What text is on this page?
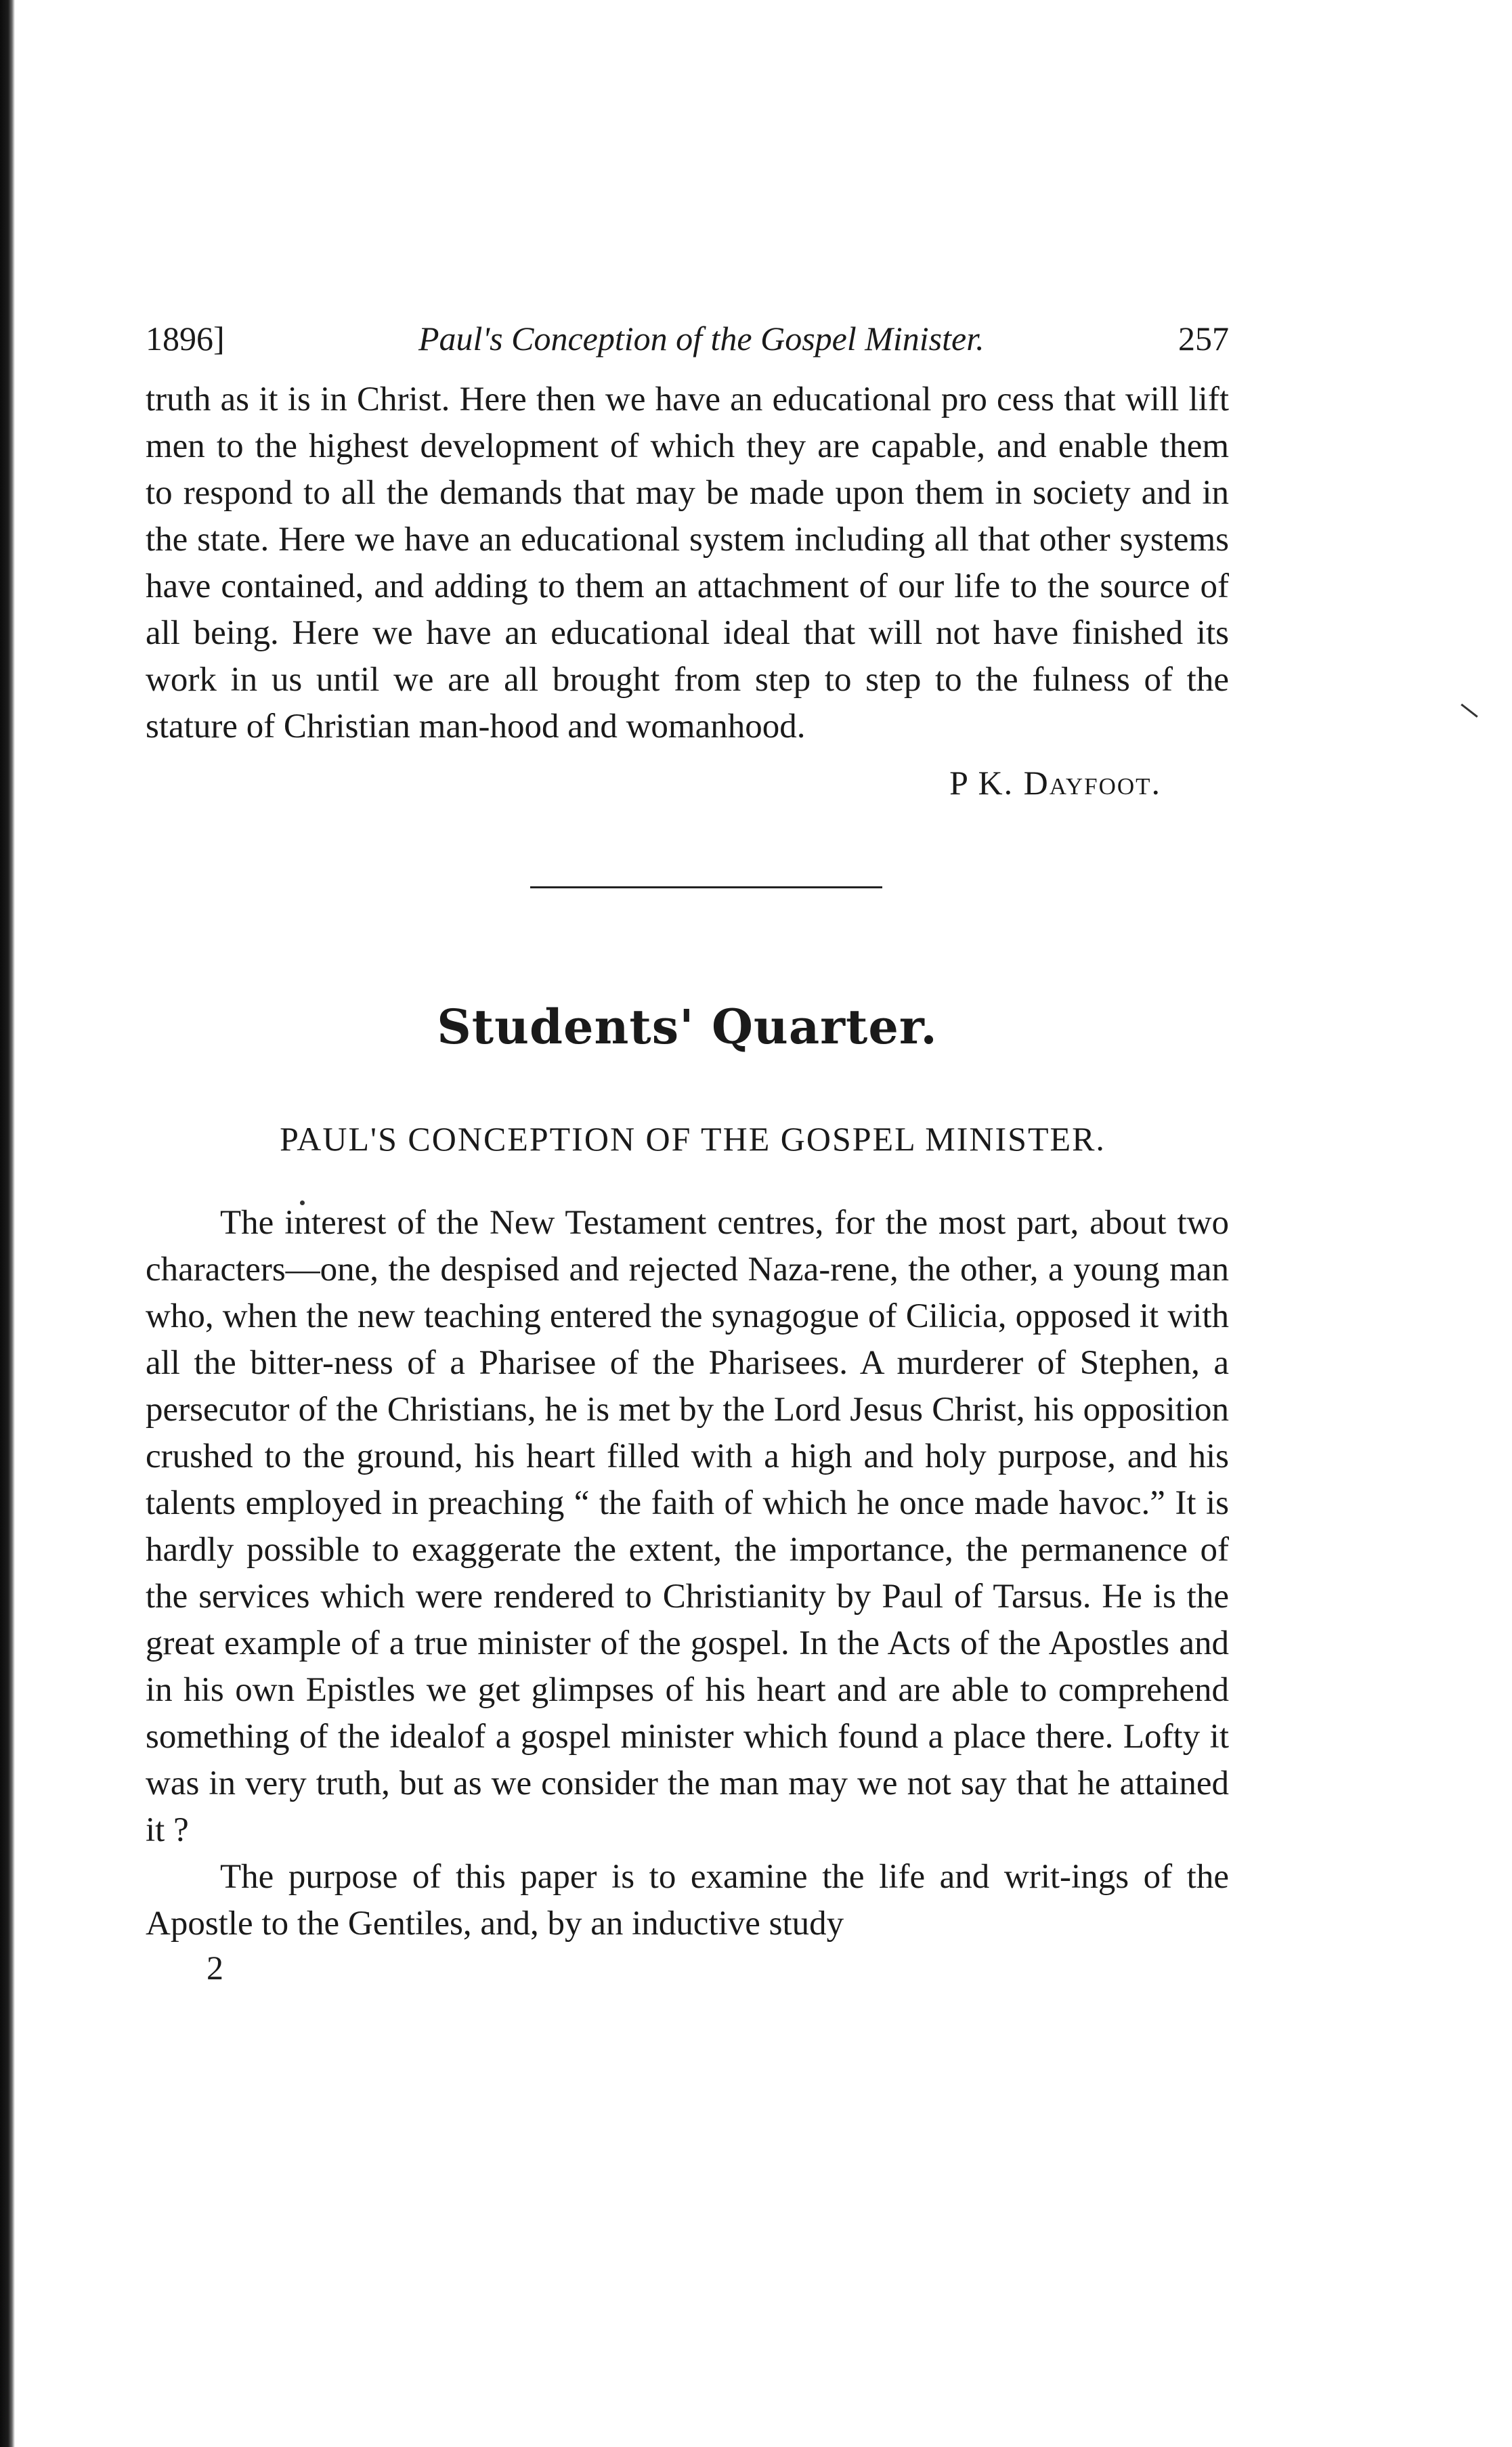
1896]	Paul's Conception of the Gospel Minister.	257

truth as it is in Christ. Here then we have an educational pro cess that will lift men to the highest development of which they are capable, and enable them to respond to all the demands that may be made upon them in society and in the state. Here we have an educational system including all that other systems have contained, and adding to them an attachment of our life to the source of all being. Here we have an educational ideal that will not have finished its work in us until we are all brought from step to step to the fulness of the stature of Christian man-hood and womanhood.

P K. Dayfoot.
Students' Quarter.
PAUL'S CONCEPTION OF THE GOSPEL MINISTER.

The interest of the New Testament centres, for the most part, about two characters—one, the despised and rejected Naza-rene, the other, a young man who, when the new teaching entered the synagogue of Cilicia, opposed it with all the bitter-ness of a Pharisee of the Pharisees. A murderer of Stephen, a persecutor of the Christians, he is met by the Lord Jesus Christ, his opposition crushed to the ground, his heart filled with a high and holy purpose, and his talents employed in preaching “ the faith of which he once made havoc.” It is hardly possible to exaggerate the extent, the importance, the permanence of the services which were rendered to Christianity by Paul of Tarsus. He is the great example of a true minister of the gospel. In the Acts of the Apostles and in his own Epistles we get glimpses of his heart and are able to comprehend something of the idealof a gospel minister which found a place there. Lofty it was in very truth, but as we consider the man may we not say that he attained it ?

The purpose of this paper is to examine the life and writ-ings of the Apostle to the Gentiles, and, by an inductive study

2
